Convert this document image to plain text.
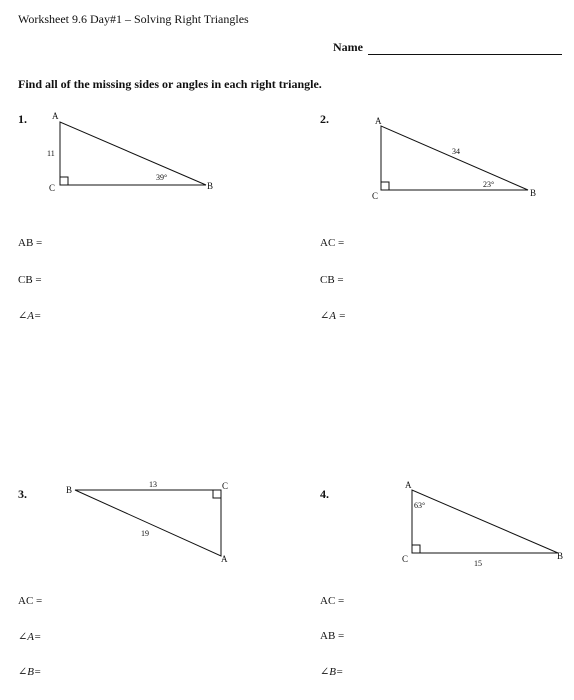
Worksheet 9.6 Day#1 – Solving Right Triangles
Name
Find all of the missing sides or angles in each right triangle.
1.	2.
3.	4.
A
C	B
11
39°
A
C	B
34
23°
B	C
A
13
19
A
C	B
15
63°
AB =
CB =
∠A=
AC =
CB =
∠A =
AC =
∠A=
∠B=
AC =
AB =
∠B=
